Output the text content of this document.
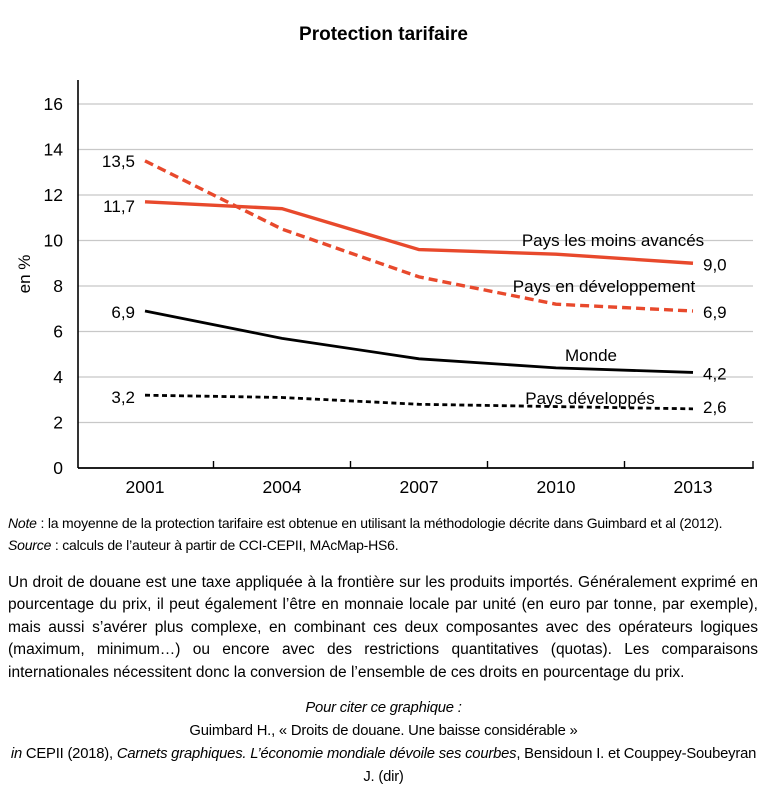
Protection tarifaire
0
2
4
6
8
10
12
14
16
2001	2004	2007	2010	2013
en %
11,7
9,0
Pays les moins avancés
13,5
6,9
Pays en développement
6,9
4,2
Monde
3,2
2,6
Pays développés
Note : la moyenne de la protection tarifaire est obtenue en utilisant la méthodologie décrite dans Guimbard et al (2012).
Source : calculs de l’auteur à partir de CCI-CEPII, MAcMap-HS6.

Un droit de douane est une taxe appliquée à la frontière sur les produits importés. Généralement exprimé en pourcentage du prix, il peut également l’être en monnaie locale par unité (en euro par tonne, par exemple), mais aussi s’avérer plus complexe, en combinant ces deux composantes avec des opérateurs logiques (maximum, minimum…) ou encore avec des restrictions quantitatives (quotas). Les comparaisons internationales nécessitent donc la conversion de l’ensemble de ces droits en pourcentage du prix.

Pour citer ce graphique :
Guimbard H., « Droits de douane. Une baisse considérable »
in CEPII (2018), Carnets graphiques. L’économie mondiale dévoile ses courbes, Bensidoun I. et Couppey-Soubeyran J. (dir)
